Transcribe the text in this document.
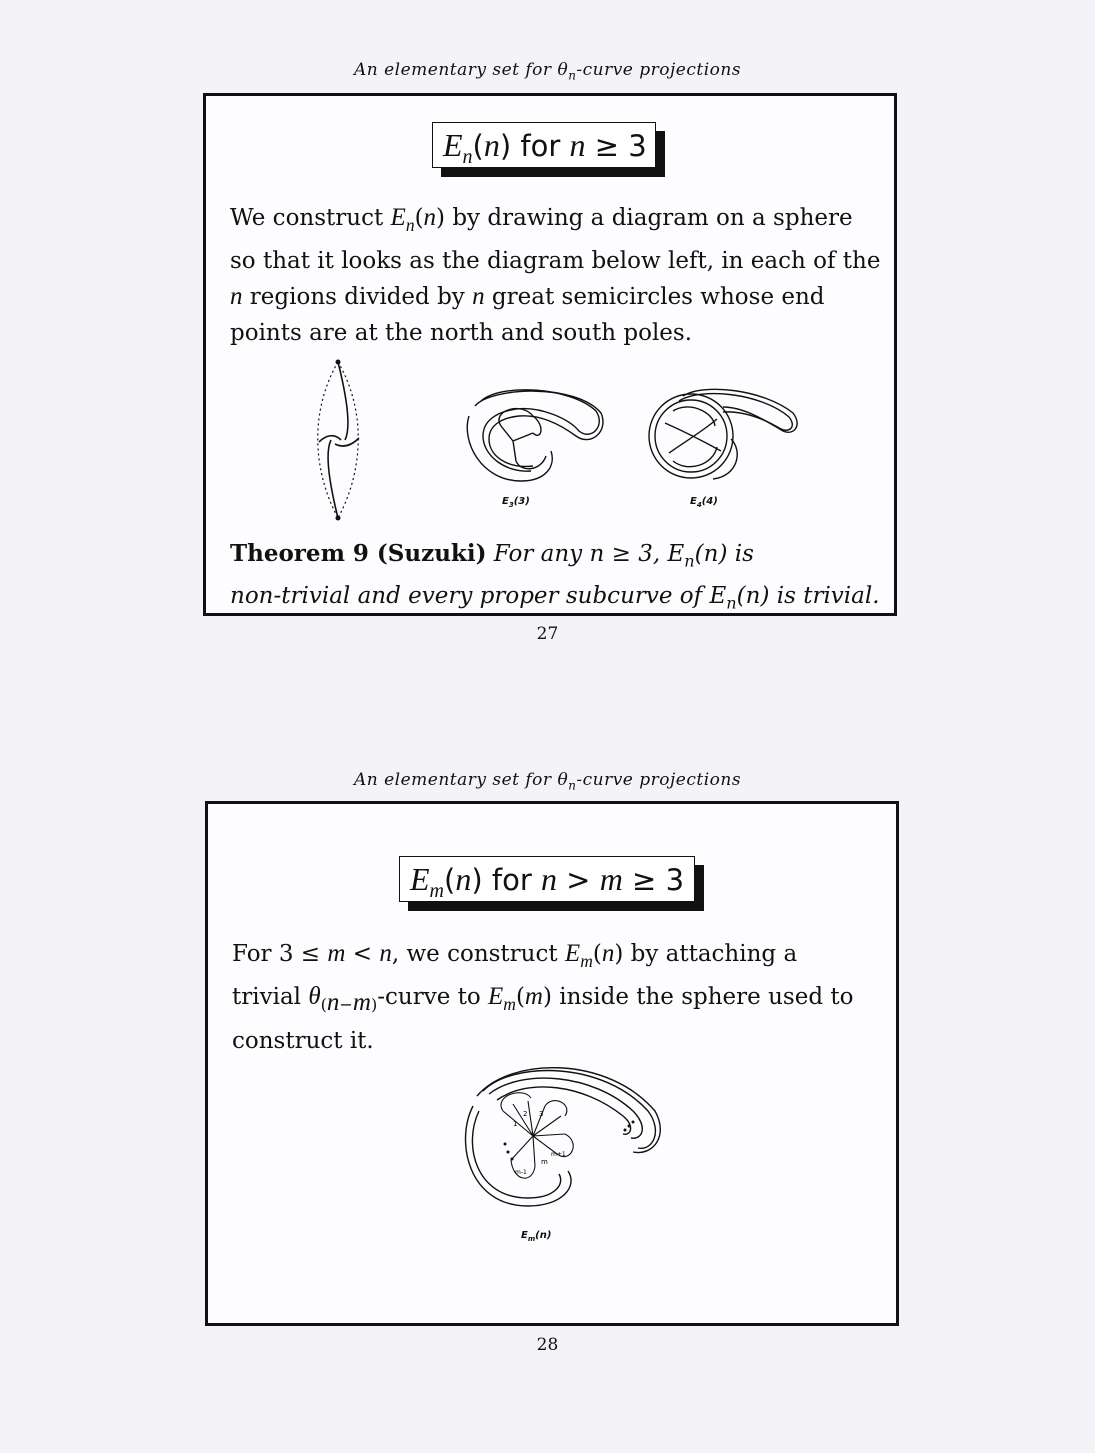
An elementary set for $\theta_n$-curve projections
$E_n(n)$ for n ≥ 3
We construct $E_n(n)$ by drawing a diagram on a sphere
so that it looks as the diagram below left, in each of the
n regions divided by n great semicircles whose end
points are at the north and south poles.
$E_3(3)$	$E_4(4)$
Theorem 9 (Suzuki) For any n ≥ 3, $E_n(n)$ is
non-trivial and every proper subcurve of $E_n(n)$ is trivial.
27
An elementary set for $\theta_n$-curve projections
$E_m(n)$ for n > m ≥ 3
For 3 ≤ m < n, we construct $E_m(n)$ by attaching a
trivial $\theta_{(n-m)}$-curve to $E_m(m)$ inside the sphere used to
construct it.
1
2 3
m+1
m
m-1
$E_m(n)$
28
